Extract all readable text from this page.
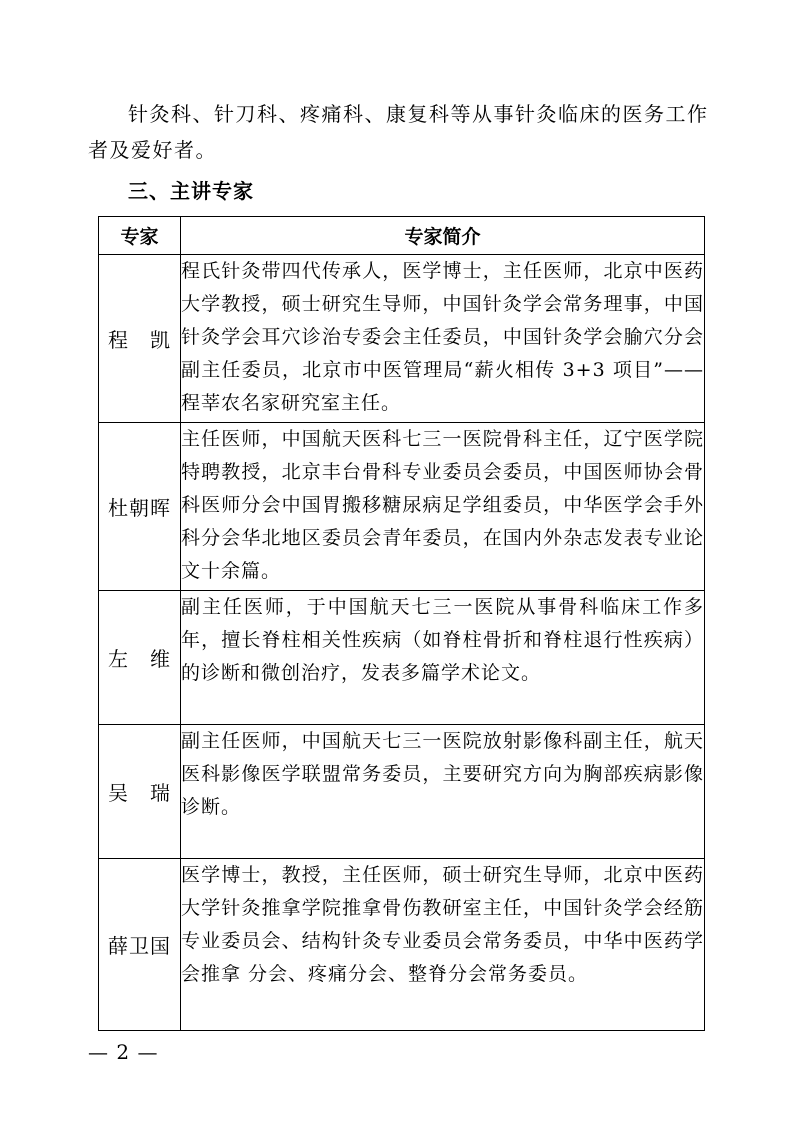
针灸科、针刀科、疼痛科、康复科等从事针灸临床的医务工作者及爱好者。

三、主讲专家
专家	专家简介
程　凯	程氏针灸带四代传承人，医学博士，主任医师，北京中医药大学教授，硕士研究生导师，中国针灸学会常务理事，中国针灸学会耳穴诊治专委会主任委员，中国针灸学会腧穴分会副主任委员，北京市中医管理局“薪火相传 3+3 项目”——程莘农名家研究室主任。
杜朝晖	主任医师，中国航天医科七三一医院骨科主任，辽宁医学院特聘教授，北京丰台骨科专业委员会委员，中国医师协会骨科医师分会中国胃搬移糖尿病足学组委员，中华医学会手外科分会华北地区委员会青年委员，在国内外杂志发表专业论文十余篇。
左　维	副主任医师，于中国航天七三一医院从事骨科临床工作多年，擅长脊柱相关性疾病（如脊柱骨折和脊柱退行性疾病）的诊断和微创治疗，发表多篇学术论文。
吴　瑞	副主任医师，中国航天七三一医院放射影像科副主任，航天医科影像医学联盟常务委员，主要研究方向为胸部疾病影像诊断。
薛卫国	医学博士，教授，主任医师，硕士研究生导师，北京中医药大学针灸推拿学院推拿骨伤教研室主任，中国针灸学会经筋专业委员会、结构针灸专业委员会常务委员，中华中医药学会推拿 分会、疼痛分会、整脊分会常务委员。

— 2 —
